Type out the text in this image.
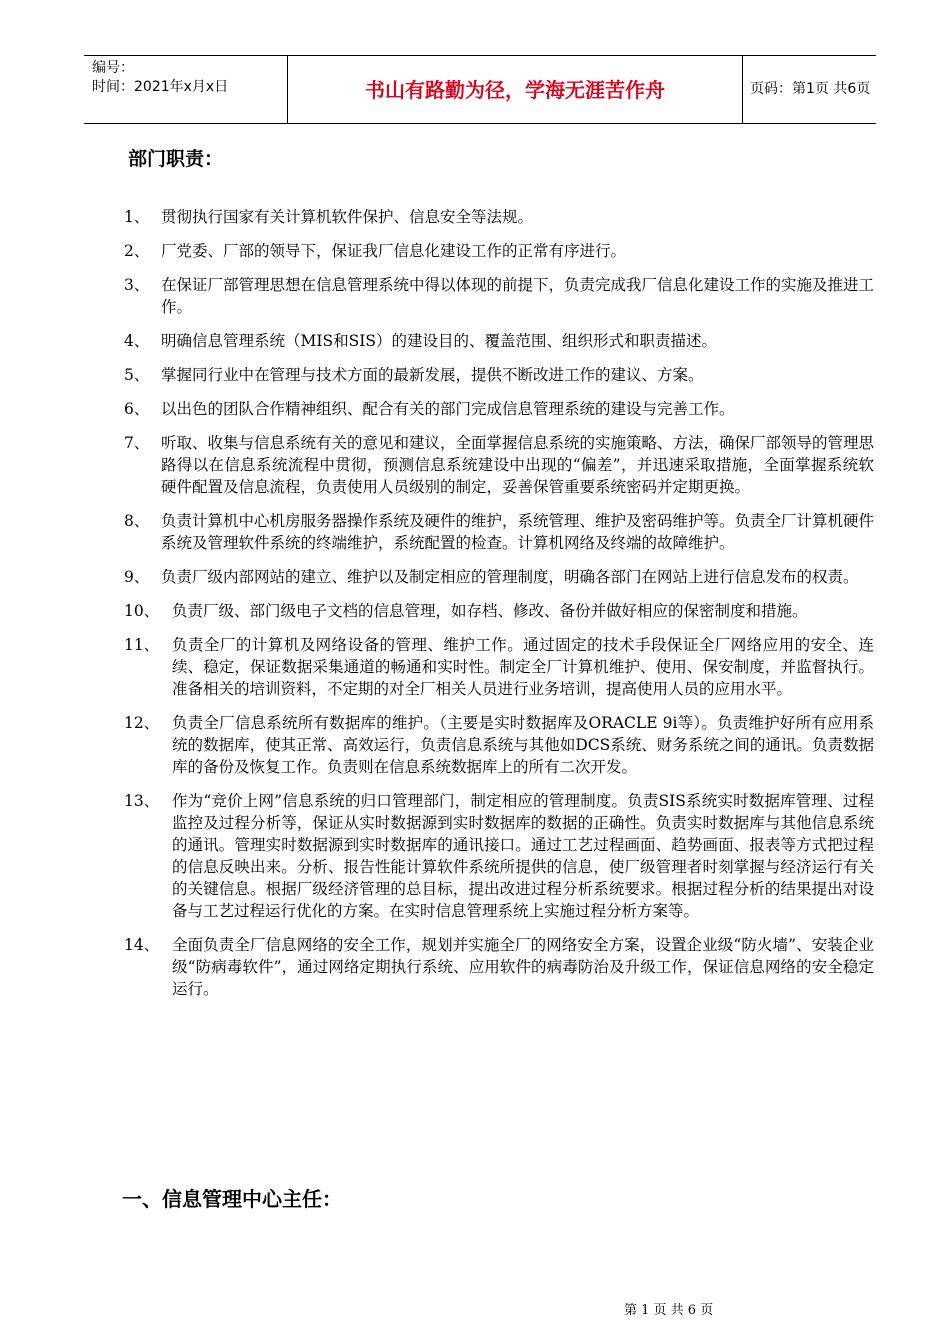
编号：
时间：2021年x月x日	书山有路勤为径，学海无涯苦作舟	页码：第1页 共6页
部门职责：
1、 贯彻执行国家有关计算机软件保护、信息安全等法规。
2、 厂党委、厂部的领导下，保证我厂信息化建设工作的正常有序进行。
3、 在保证厂部管理思想在信息管理系统中得以体现的前提下，负责完成我厂信息化建设工作的实施及推进工作。
4、 明确信息管理系统（MIS和SIS）的建设目的、覆盖范围、组织形式和职责描述。
5、 掌握同行业中在管理与技术方面的最新发展，提供不断改进工作的建议、方案。
6、 以出色的团队合作精神组织、配合有关的部门完成信息管理系统的建设与完善工作。
7、 听取、收集与信息系统有关的意见和建议，全面掌握信息系统的实施策略、方法，确保厂部领导的管理思路得以在信息系统流程中贯彻，预测信息系统建设中出现的“偏差”，并迅速采取措施，全面掌握系统软硬件配置及信息流程，负责使用人员级别的制定，妥善保管重要系统密码并定期更换。
8、 负责计算机中心机房服务器操作系统及硬件的维护，系统管理、维护及密码维护等。负责全厂计算机硬件系统及管理软件系统的终端维护，系统配置的检查。计算机网络及终端的故障维护。
9、 负责厂级内部网站的建立、维护以及制定相应的管理制度，明确各部门在网站上进行信息发布的权责。
10、 负责厂级、部门级电子文档的信息管理，如存档、修改、备份并做好相应的保密制度和措施。
11、 负责全厂的计算机及网络设备的管理、维护工作。通过固定的技术手段保证全厂网络应用的安全、连续、稳定，保证数据采集通道的畅通和实时性。制定全厂计算机维护、使用、保安制度，并监督执行。准备相关的培训资料，不定期的对全厂相关人员进行业务培训，提高使用人员的应用水平。
12、 负责全厂信息系统所有数据库的维护。（主要是实时数据库及ORACLE 9i等）。负责维护好所有应用系统的数据库，使其正常、高效运行，负责信息系统与其他如DCS系统、财务系统之间的通讯。负责数据库的备份及恢复工作。负责则在信息系统数据库上的所有二次开发。
13、 作为“竞价上网”信息系统的归口管理部门，制定相应的管理制度。负责SIS系统实时数据库管理、过程监控及过程分析等，保证从实时数据源到实时数据库的数据的正确性。负责实时数据库与其他信息系统的通讯。管理实时数据源到实时数据库的通讯接口。通过工艺过程画面、趋势画面、报表等方式把过程的信息反映出来。分析、报告性能计算软件系统所提供的信息，使厂级管理者时刻掌握与经济运行有关的关键信息。根据厂级经济管理的总目标，提出改进过程分析系统要求。根据过程分析的结果提出对设备与工艺过程运行优化的方案。在实时信息管理系统上实施过程分析方案等。
14、 全面负责全厂信息网络的安全工作，规划并实施全厂的网络安全方案，设置企业级“防火墙”、安装企业级“防病毒软件”，通过网络定期执行系统、应用软件的病毒防治及升级工作，保证信息网络的安全稳定运行。
一、信息管理中心主任：
第 1 页 共 6 页
